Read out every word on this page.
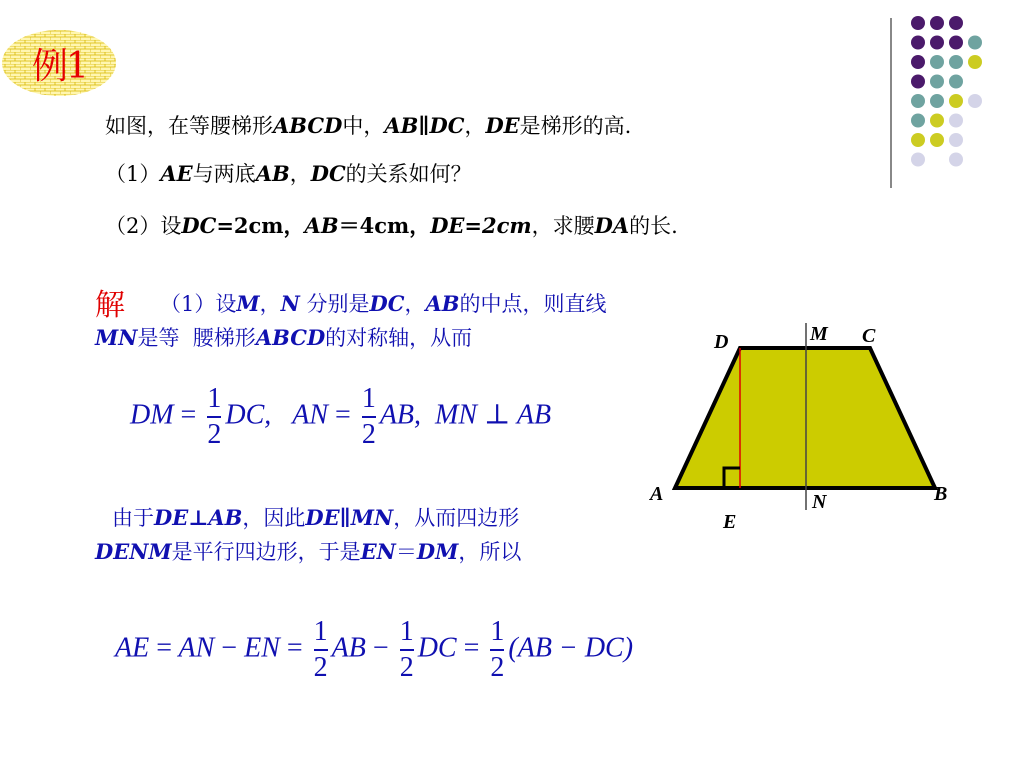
例1
如图，在等腰梯形ABCD中，AB∥DC，DE是梯形的高.
（1）AE与两底AB，DC的关系如何？
（2）设DC=2cm，AB＝4cm，DE=2cm，求腰DA的长.
解 （1）设M，N 分别是DC，AB的中点，则直线
MN是等  腰梯形ABCD的对称轴，从而
DM = $\frac{1}{2}$ DC, AN = $\frac{1}{2}$ AB, MN ⊥ AB
由于DE⊥AB，因此DE∥MN，从而四边形
DENM是平行四边形，于是EN＝DM，所以
AE = AN − EN = $\frac{1}{2}$ AB − $\frac{1}{2}$ DC = $\frac{1}{2} (AB - DC)$
D	M C
A	N	B
E
